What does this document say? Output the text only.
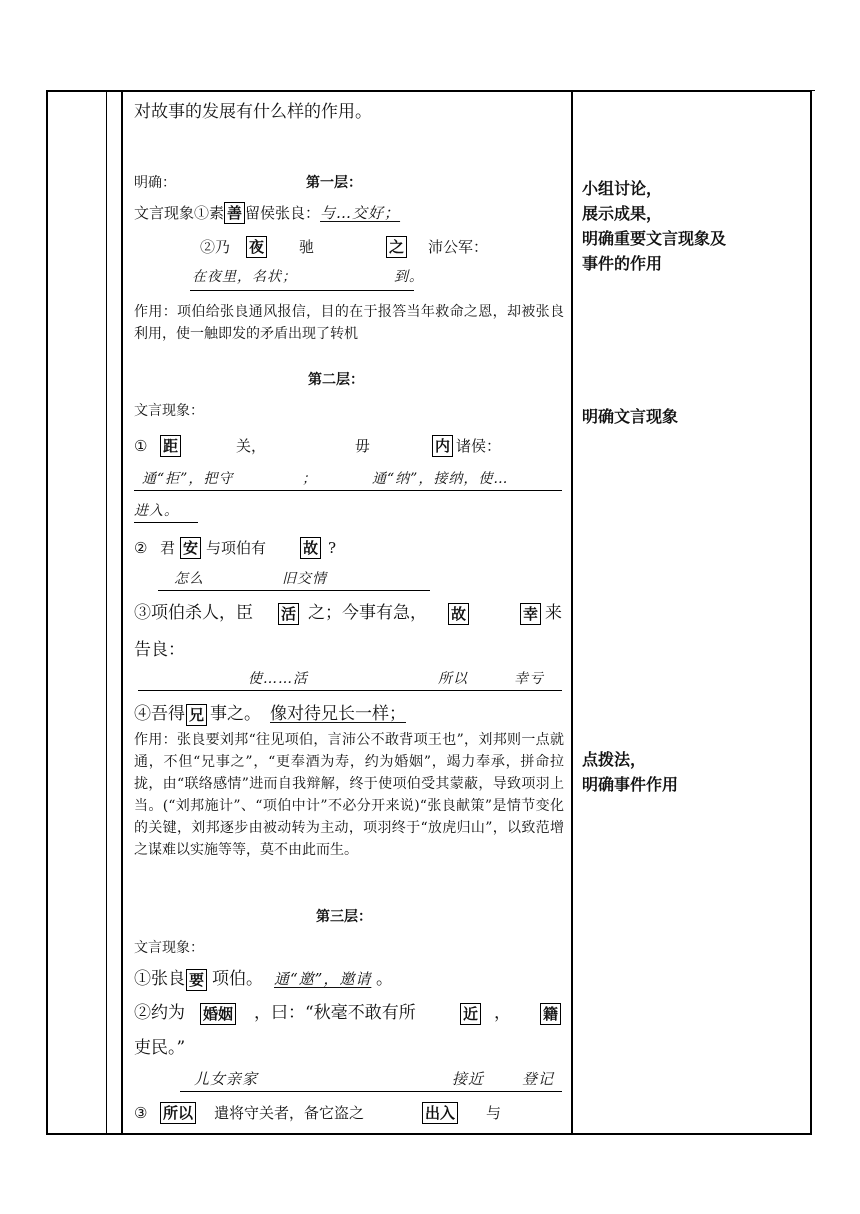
对故事的发展有什么样的作用。
明确：	第一层：
文言现象①素 善 留侯张良：与…交好；
②乃 夜 驰	之 沛公军：
在夜里，名状；	到。
作用：项伯给张良通风报信，目的在于报答当年救命之恩，却被张良利用，使一触即发的矛盾出现了转机
第二层：
文言现象：
① 距	关，	毋	内 诸侯：
通“拒”，把守	；	通“纳”，接纳，使…
进入。
② 君 安 与项伯有 故 ?
怎么	旧交情
③项伯杀人，臣 活 之；今事有急， 故	幸 来
告良：
使……活	所以	幸亏
④吾得 兄 事之。 像对待兄长一样；
作用：张良要刘邦“往见项伯，言沛公不敢背项王也”，刘邦则一点就通，不但“兄事之”，“更奉酒为寿，约为婚姻”，竭力奉承，拼命拉拢，由“联络感情”进而自我辩解，终于使项伯受其蒙蔽，导致项羽上当。(“刘邦施计”、“项伯中计”不必分开来说)“张良献策”是情节变化的关键，刘邦逐步由被动转为主动，项羽终于“放虎归山”，以致范增之谋难以实施等等，莫不由此而生。
第三层：
文言现象：
①张良 要 项伯。 通“邀”，邀请 。
②约为 婚姻 ，曰：“秋毫不敢有所	近 ， 籍
吏民。”
儿女亲家	接近	登记
③ 所以 遣将守关者，备它盗之	出入 与
小组讨论，
展示成果，
明确重要文言现象及
事件的作用
明确文言现象
点拨法，
明确事件作用
